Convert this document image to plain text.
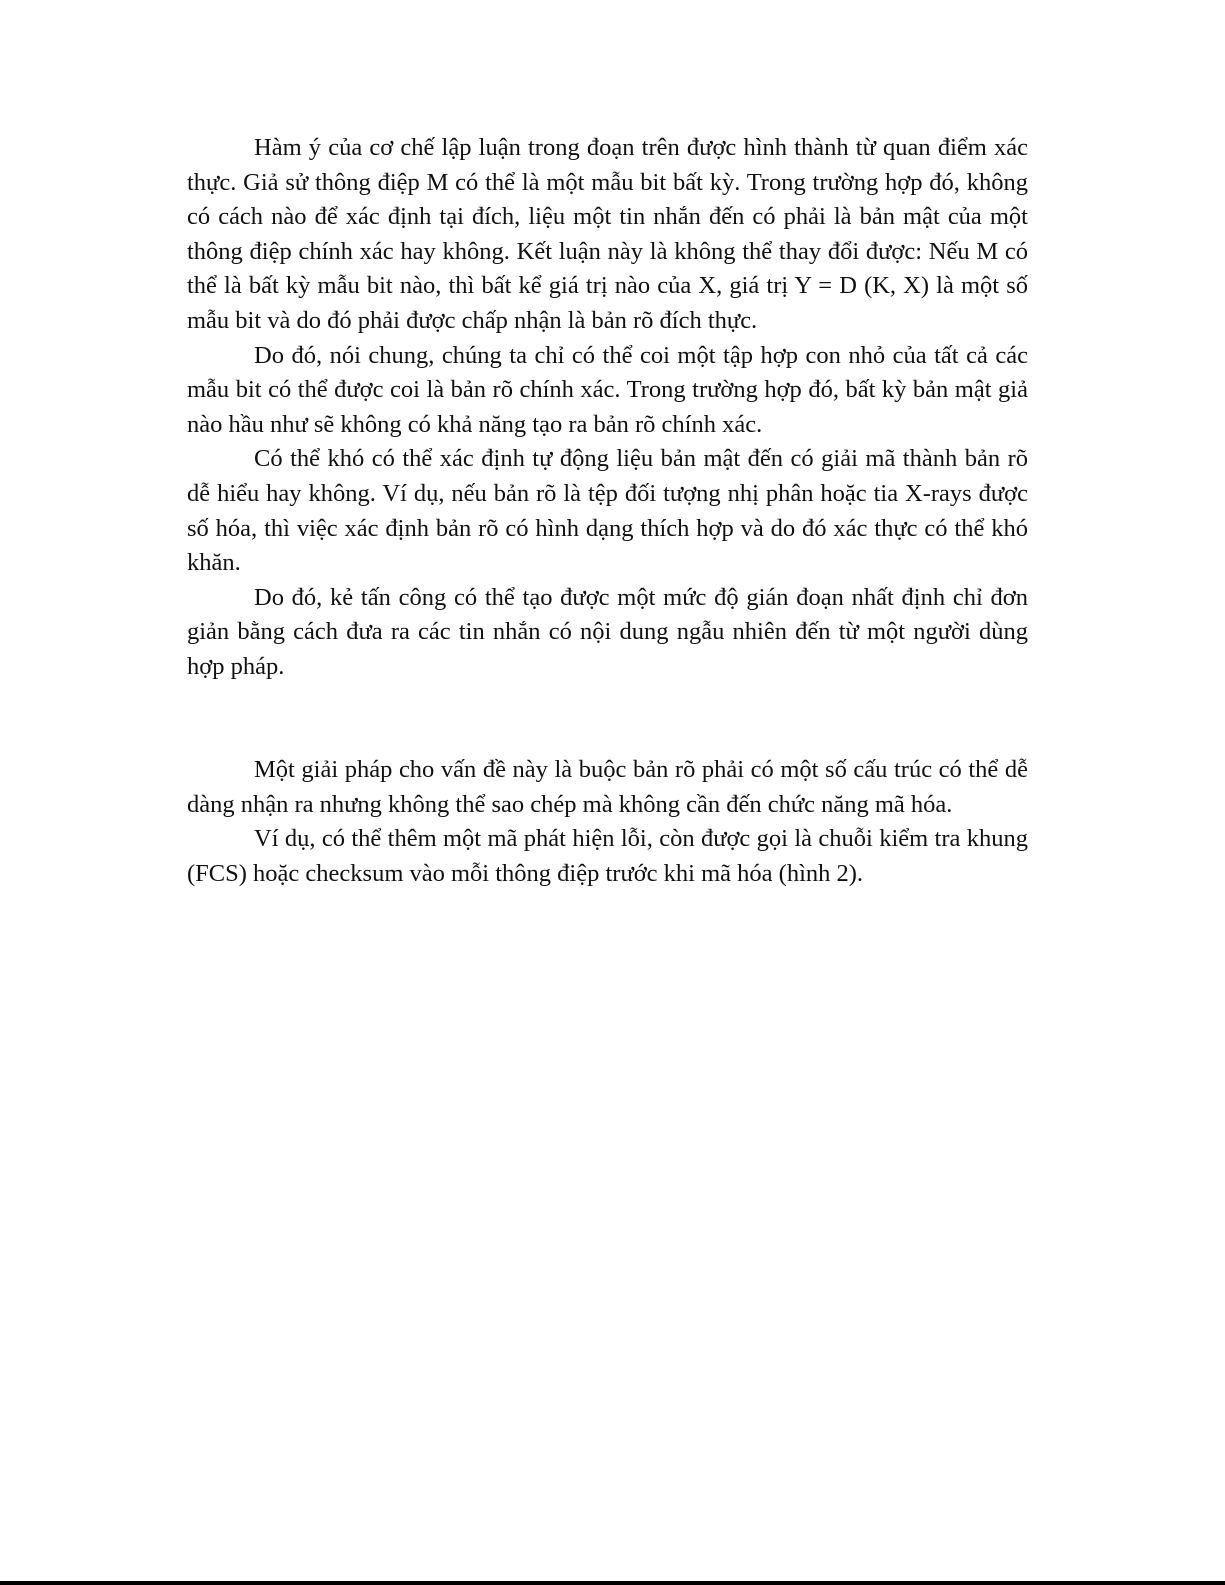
Hàm ý của cơ chế lập luận trong đoạn trên được hình thành từ quan điểm xác thực. Giả sử thông điệp M có thể là một mẫu bit bất kỳ. Trong trường hợp đó, không có cách nào để xác định tại đích, liệu một tin nhắn đến có phải là bản mật của một thông điệp chính xác hay không. Kết luận này là không thể thay đổi được: Nếu M có thể là bất kỳ mẫu bit nào, thì bất kể giá trị nào của X, giá trị Y = D (K, X) là một số mẫu bit và do đó phải được chấp nhận là bản rõ đích thực.

Do đó, nói chung, chúng ta chỉ có thể coi một tập hợp con nhỏ của tất cả các mẫu bit có thể được coi là bản rõ chính xác. Trong trường hợp đó, bất kỳ bản mật giả nào hầu như sẽ không có khả năng tạo ra bản rõ chính xác.

Có thể khó có thể xác định tự động liệu bản mật đến có giải mã thành bản rõ dễ hiểu hay không. Ví dụ, nếu bản rõ là tệp đối tượng nhị phân hoặc tia X-rays được số hóa, thì việc xác định bản rõ có hình dạng thích hợp và do đó xác thực có thể khó khăn.

Do đó, kẻ tấn công có thể tạo được một mức độ gián đoạn nhất định chỉ đơn giản bằng cách đưa ra các tin nhắn có nội dung ngẫu nhiên đến từ một người dùng hợp pháp.

Một giải pháp cho vấn đề này là buộc bản rõ phải có một số cấu trúc có thể dễ dàng nhận ra nhưng không thể sao chép mà không cần đến chức năng mã hóa.

Ví dụ, có thể thêm một mã phát hiện lỗi, còn được gọi là chuỗi kiểm tra khung (FCS) hoặc checksum vào mỗi thông điệp trước khi mã hóa (hình 2).
